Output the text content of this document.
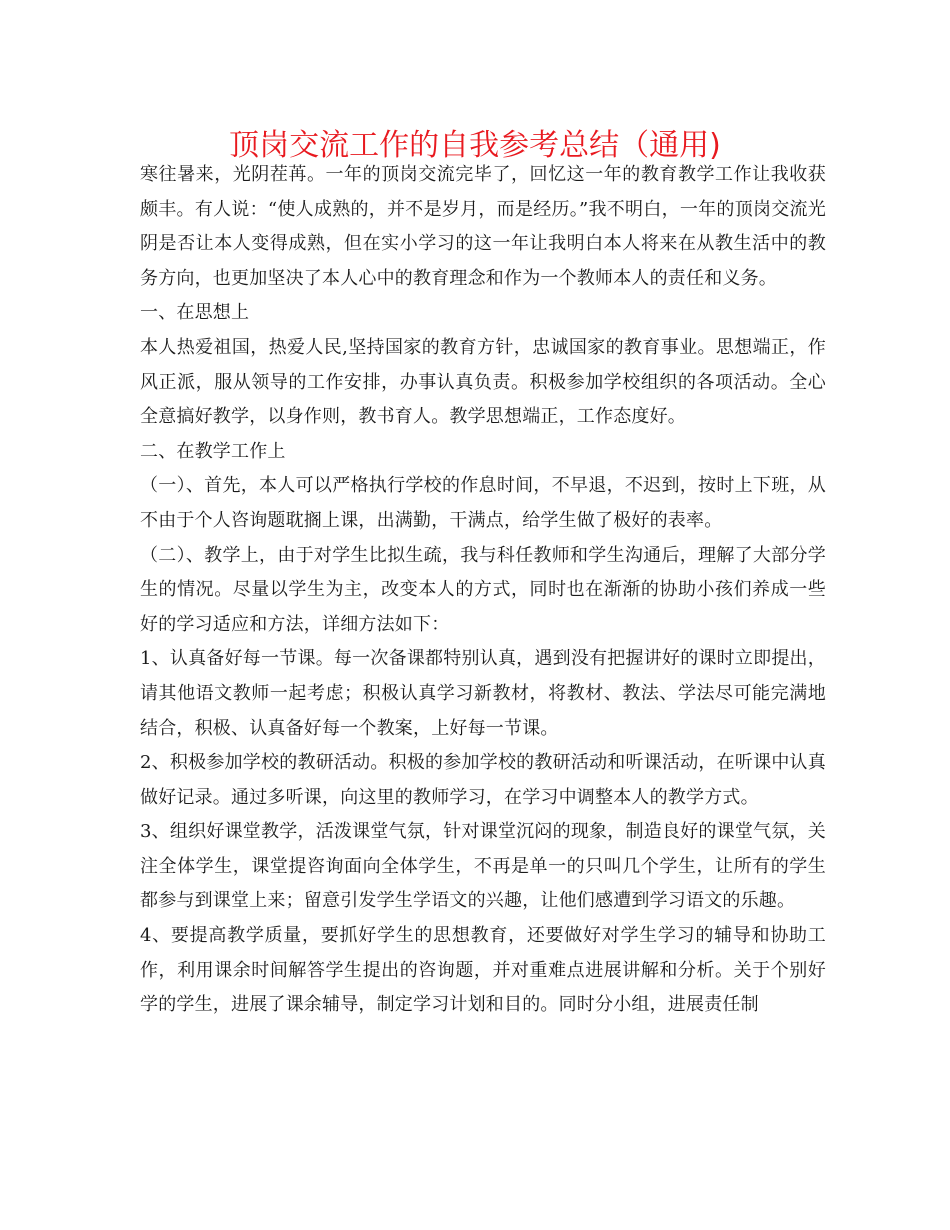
顶岗交流工作的自我参考总结（通用)

寒往暑来，光阴茬苒。一年的顶岗交流完毕了，回忆这一年的教育教学工作让我收获颇丰。有人说：“使人成熟的，并不是岁月，而是经历。”我不明白，一年的顶岗交流光阴是否让本人变得成熟，但在实小学习的这一年让我明白本人将来在从教生活中的教务方向，也更加坚决了本人心中的教育理念和作为一个教师本人的责任和义务。

一、在思想上

本人热爱祖国，热爱人民,坚持国家的教育方针，忠诚国家的教育事业。思想端正，作风正派，服从领导的工作安排，办事认真负责。积极参加学校组织的各项活动。全心全意搞好教学，以身作则，教书育人。教学思想端正，工作态度好。

二、在教学工作上

（一）、首先，本人可以严格执行学校的作息时间，不早退，不迟到，按时上下班，从不由于个人咨询题耽搁上课，出满勤，干满点，给学生做了极好的表率。

（二）、教学上，由于对学生比拟生疏，我与科任教师和学生沟通后，理解了大部分学生的情况。尽量以学生为主，改变本人的方式，同时也在渐渐的协助小孩们养成一些好的学习适应和方法，详细方法如下：

1、认真备好每一节课。每一次备课都特别认真，遇到没有把握讲好的课时立即提出，请其他语文教师一起考虑；积极认真学习新教材，将教材、教法、学法尽可能完满地结合，积极、认真备好每一个教案，上好每一节课。

2、积极参加学校的教研活动。积极的参加学校的教研活动和听课活动，在听课中认真做好记录。通过多听课，向这里的教师学习，在学习中调整本人的教学方式。

3、组织好课堂教学，活泼课堂气氛，针对课堂沉闷的现象，制造良好的课堂气氛，关注全体学生，课堂提咨询面向全体学生，不再是单一的只叫几个学生，让所有的学生都参与到课堂上来；留意引发学生学语文的兴趣，让他们感遭到学习语文的乐趣。

4、要提高教学质量，要抓好学生的思想教育，还要做好对学生学习的辅导和协助工作，利用课余时间解答学生提出的咨询题，并对重难点进展讲解和分析。关于个别好学的学生，进展了课余辅导，制定学习计划和目的。同时分小组，进展责任制
